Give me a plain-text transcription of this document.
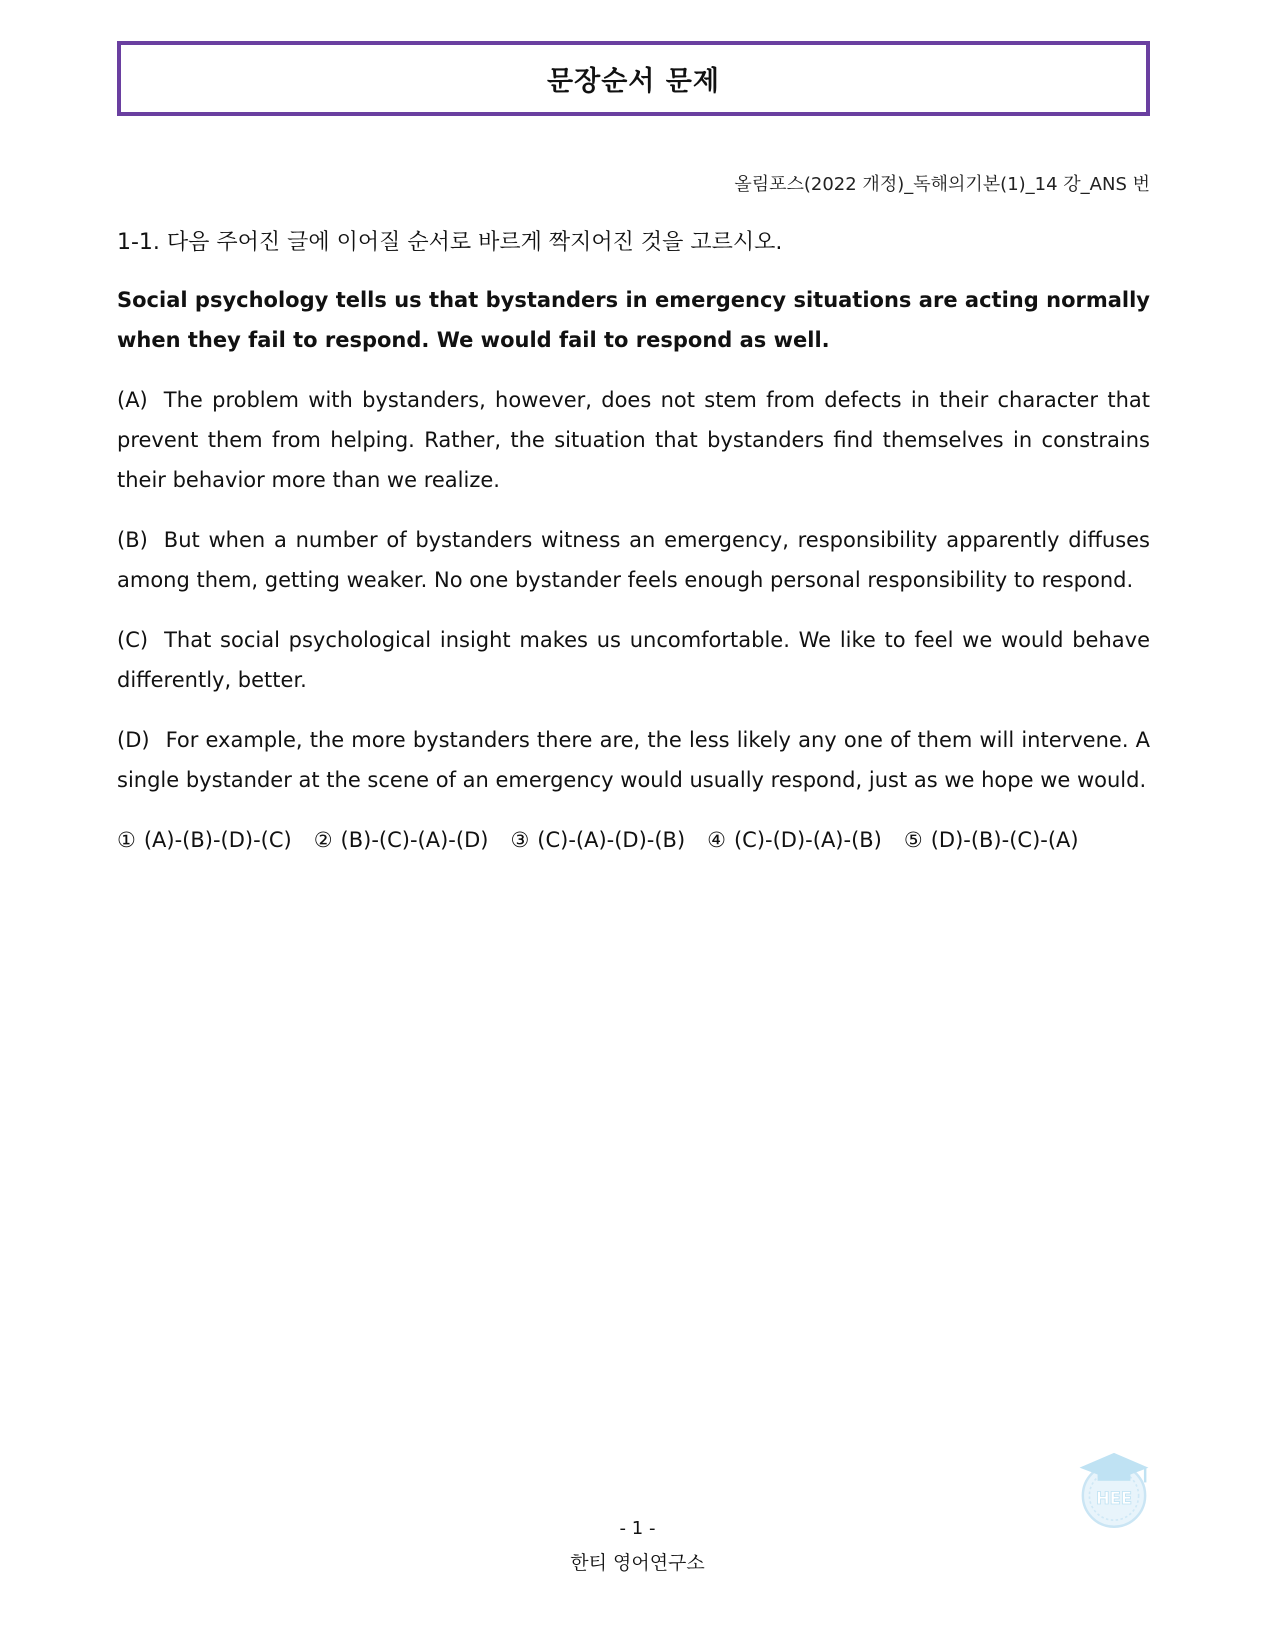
문장순서 문제
올림포스(2022 개정)_독해의기본(1)_14 강_ANS 번
1-1. 다음 주어진 글에 이어질 순서로 바르게 짝지어진 것을 고르시오.

Social psychology tells us that bystanders in emergency situations are acting normally when they fail to respond. We would fail to respond as well.

(A) The problem with bystanders, however, does not stem from defects in their character that prevent them from helping. Rather, the situation that bystanders find themselves in constrains their behavior more than we realize.

(B) But when a number of bystanders witness an emergency, responsibility apparently diffuses among them, getting weaker. No one bystander feels enough personal responsibility to respond.

(C) That social psychological insight makes us uncomfortable. We like to feel we would behave differently, better.

(D) For example, the more bystanders there are, the less likely any one of them will intervene. A single bystander at the scene of an emergency would usually respond, just as we hope we would.

① (A)-(B)-(D)-(C) ② (B)-(C)-(A)-(D) ③ (C)-(A)-(D)-(B) ④ (C)-(D)-(A)-(B) ⑤ (D)-(B)-(C)-(A)
- 1 -
한티 영어연구소
HEE
